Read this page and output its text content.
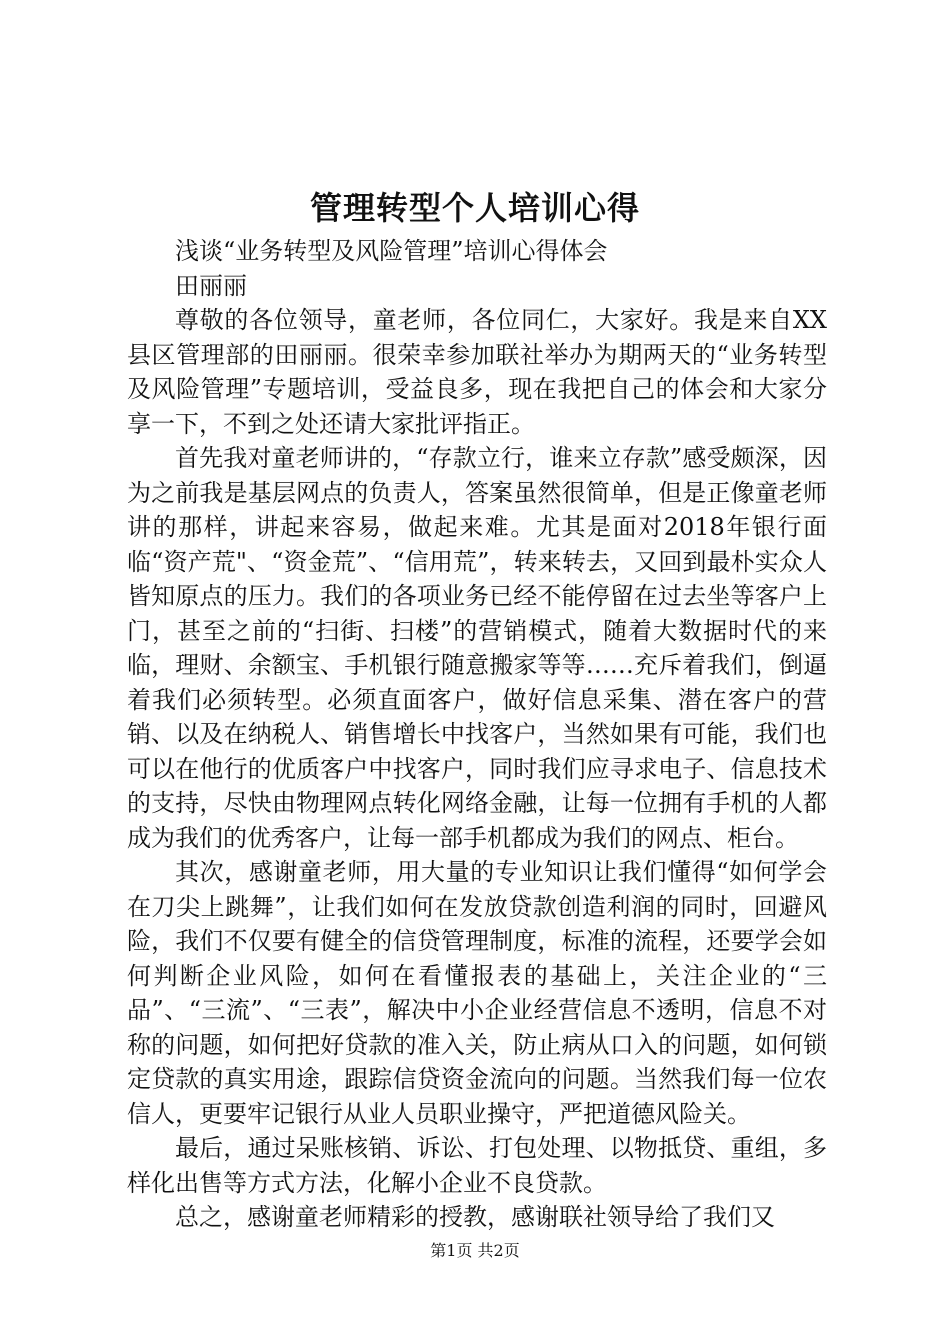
管理转型个人培训心得

浅谈“业务转型及风险管理”培训心得体会

田丽丽

尊敬的各位领导，童老师，各位同仁，大家好。我是来自XX县区管理部的田丽丽。很荣幸参加联社举办为期两天的“业务转型及风险管理”专题培训，受益良多，现在我把自己的体会和大家分享一下，不到之处还请大家批评指正。

首先我对童老师讲的，“存款立行，谁来立存款”感受颇深，因为之前我是基层网点的负责人，答案虽然很简单，但是正像童老师讲的那样，讲起来容易，做起来难。尤其是面对2018年银行面临“资产荒"、“资金荒”、“信用荒”，转来转去，又回到最朴实众人皆知原点的压力。我们的各项业务已经不能停留在过去坐等客户上门，甚至之前的“扫街、扫楼”的营销模式，随着大数据时代的来临，理财、余额宝、手机银行随意搬家等等……充斥着我们，倒逼着我们必须转型。必须直面客户，做好信息采集、潜在客户的营销、以及在纳税人、销售增长中找客户，当然如果有可能，我们也可以在他行的优质客户中找客户，同时我们应寻求电子、信息技术的支持，尽快由物理网点转化网络金融，让每一位拥有手机的人都成为我们的优秀客户，让每一部手机都成为我们的网点、柜台。

其次，感谢童老师，用大量的专业知识让我们懂得“如何学会在刀尖上跳舞”，让我们如何在发放贷款创造利润的同时，回避风险，我们不仅要有健全的信贷管理制度，标准的流程，还要学会如何判断企业风险，如何在看懂报表的基础上，关注企业的“三品”、“三流”、“三表”，解决中小企业经营信息不透明，信息不对称的问题，如何把好贷款的准入关，防止病从口入的问题，如何锁定贷款的真实用途，跟踪信贷资金流向的问题。当然我们每一位农信人，更要牢记银行从业人员职业操守，严把道德风险关。

最后，通过呆账核销、诉讼、打包处理、以物抵贷、重组，多样化出售等方式方法，化解小企业不良贷款。

总之，感谢童老师精彩的授教，感谢联社领导给了我们又

第1页 共2页
